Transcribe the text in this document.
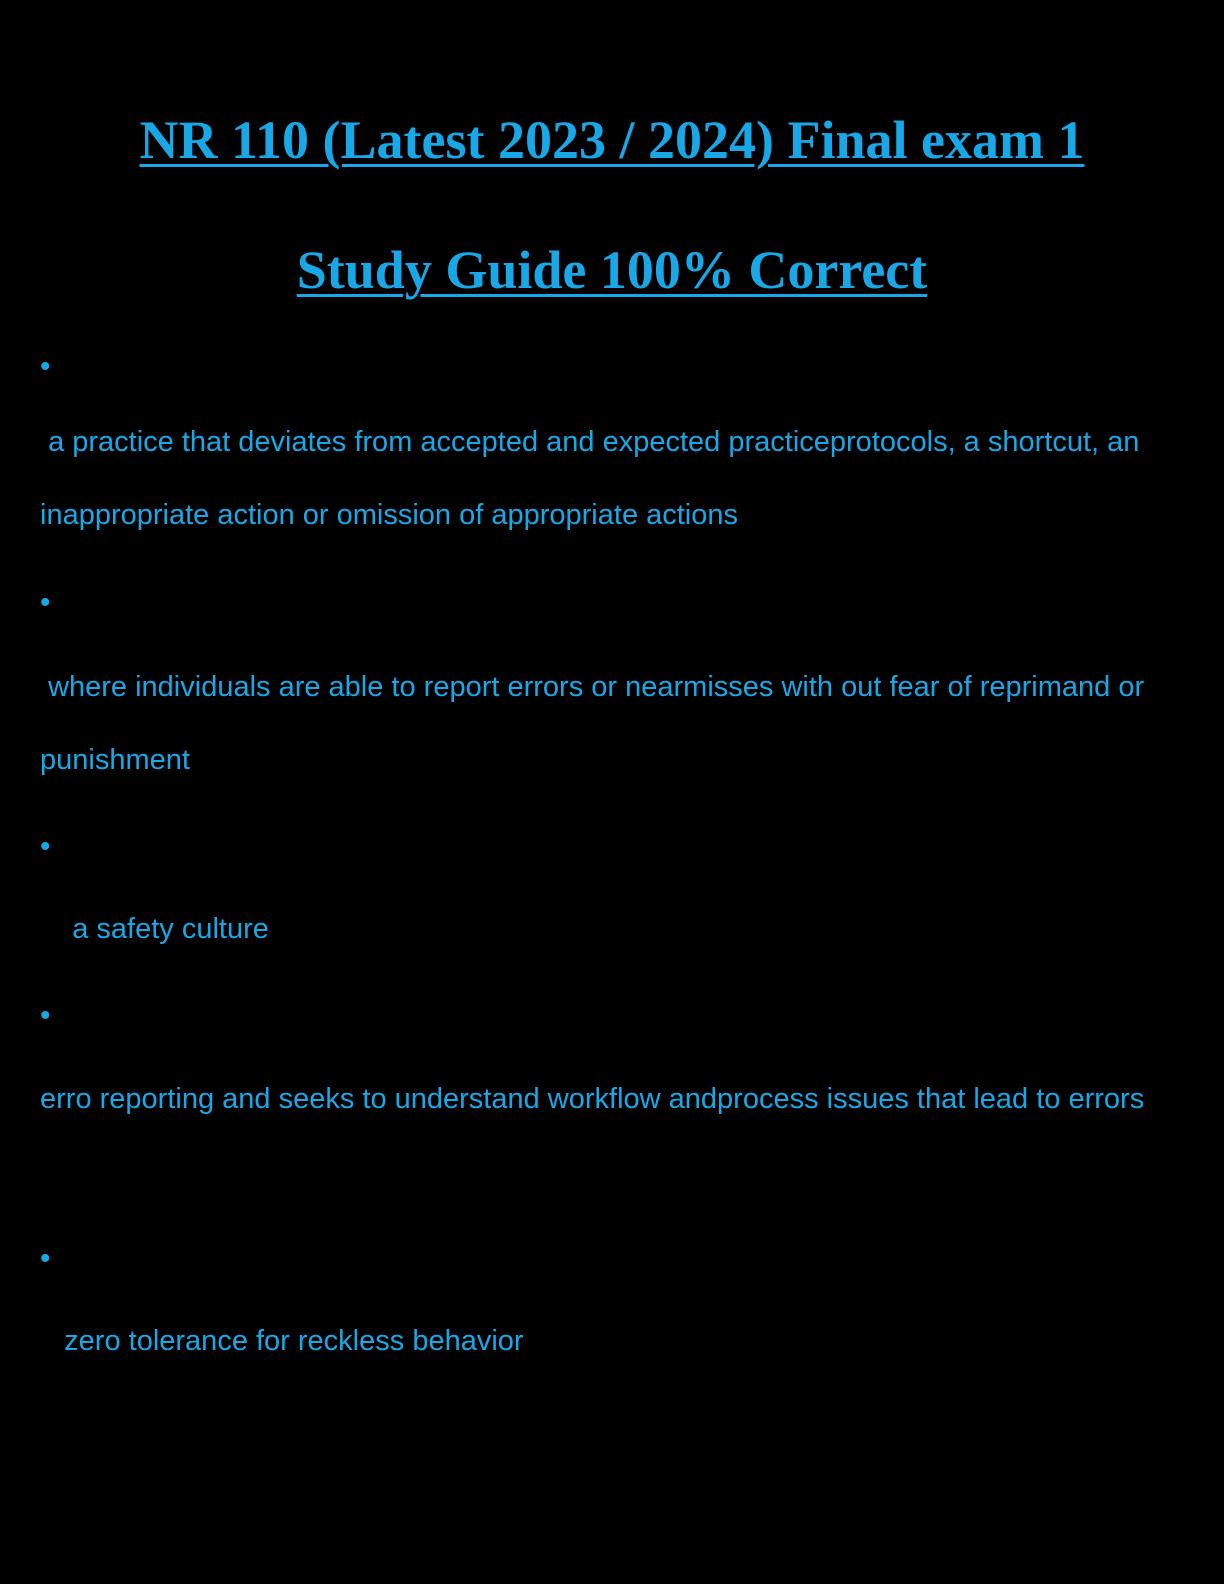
NR 110 (Latest 2023 / 2024) Final exam 1
Study Guide 100% Correct
•

a practice that deviates from accepted and expected practiceprotocols, a shortcut, an inappropriate action or omission of appropriate actions

•

where individuals are able to report errors or nearmisses with out fear of reprimand or punishment

•

a safety culture

•

erro reporting and seeks to understand workflow andprocess issues that lead to errors

•

zero tolerance for reckless behavior
